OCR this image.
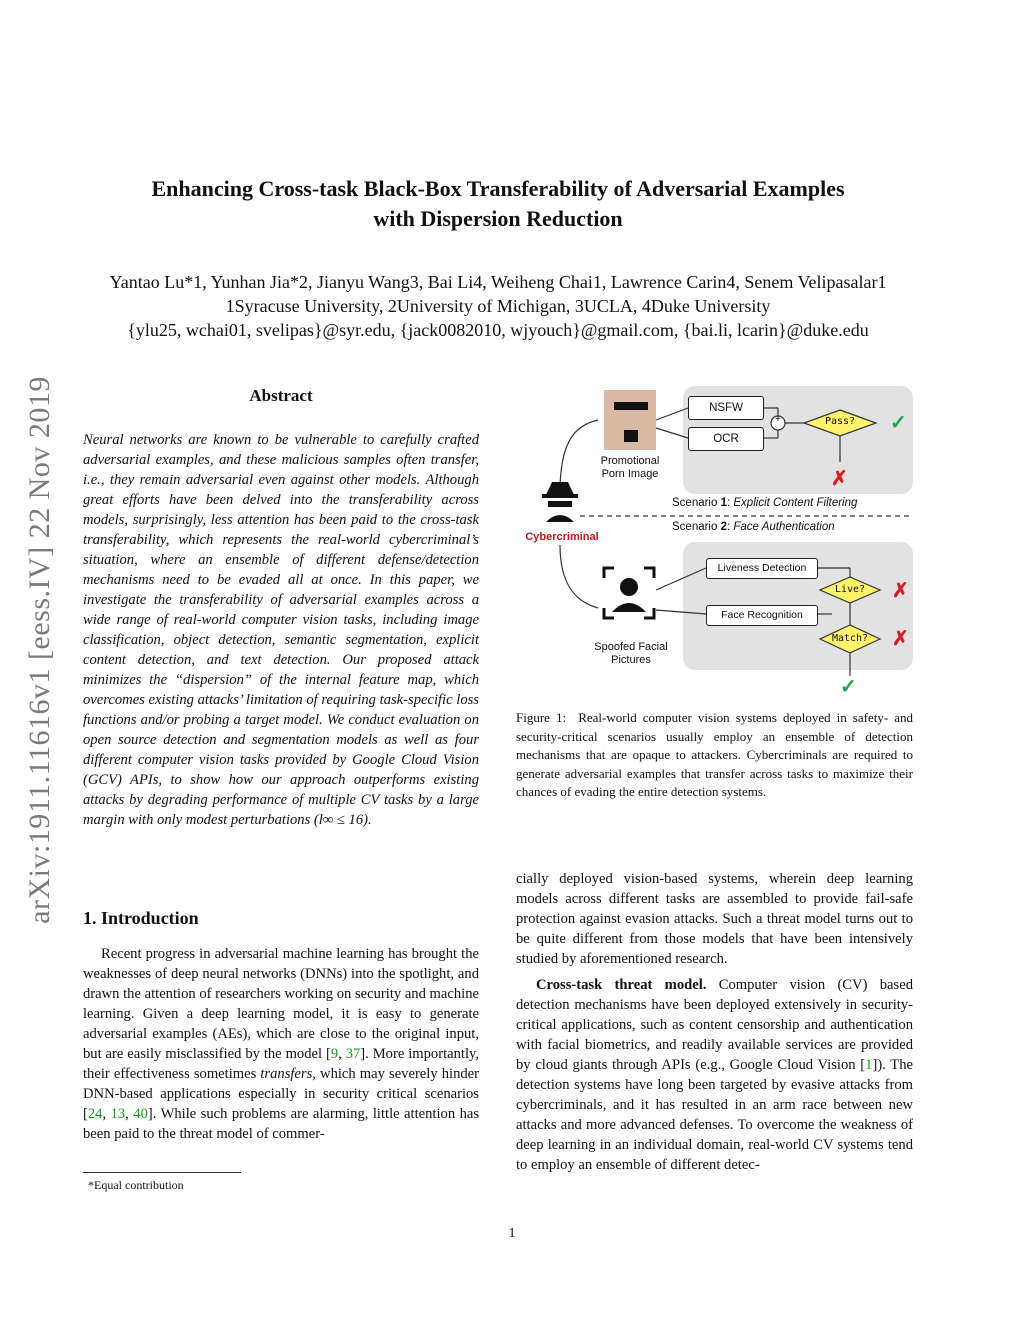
arXiv:1911.11616v1 [eess.IV] 22 Nov 2019
Enhancing Cross-task Black-Box Transferability of Adversarial Examples
with Dispersion Reduction
Yantao Lu*1, Yunhan Jia*2, Jianyu Wang3, Bai Li4, Weiheng Chai1, Lawrence Carin4, Senem Velipasalar1
1Syracuse University, 2University of Michigan, 3UCLA, 4Duke University
{ylu25, wchai01, svelipas}@syr.edu, {jack0082010, wjyouch}@gmail.com, {bai.li, lcarin}@duke.edu
Abstract
Neural networks are known to be vulnerable to carefully crafted adversarial examples, and these malicious samples often transfer, i.e., they remain adversarial even against other models. Although great efforts have been delved into the transferability across models, surprisingly, less attention has been paid to the cross-task transferability, which represents the real-world cybercriminal’s situation, where an ensemble of different defense/detection mechanisms need to be evaded all at once. In this paper, we investigate the transferability of adversarial examples across a wide range of real-world computer vision tasks, including image classification, object detection, semantic segmentation, explicit content detection, and text detection. Our proposed attack minimizes the “dispersion” of the internal feature map, which overcomes existing attacks’ limitation of requiring task-specific loss functions and/or probing a target model. We conduct evaluation on open source detection and segmentation models as well as four different computer vision tasks provided by Google Cloud Vision (GCV) APIs, to show how our approach outperforms existing attacks by degrading performance of multiple CV tasks by a large margin with only modest perturbations (l∞ ≤ 16).
1. Introduction

Recent progress in adversarial machine learning has brought the weaknesses of deep neural networks (DNNs) into the spotlight, and drawn the attention of researchers working on security and machine learning. Given a deep learning model, it is easy to generate adversarial examples (AEs), which are close to the original input, but are easily misclassified by the model [9, 37]. More importantly, their effectiveness sometimes transfers, which may severely hinder DNN-based applications especially in security critical scenarios [24, 13, 40]. While such problems are alarming, little attention has been paid to the threat model of commer-

*Equal contribution
NSFW
OCR
+	Pass?	✓
✗
Promotional
Porn Image
Scenario 1: Explicit Content Filtering
Scenario 2: Face Authentication
Cybercriminal
Liveness Detection
Live?	✗
Face Recognition
Match?	✗
✓
Spoofed Facial
Pictures
Figure 1: Real-world computer vision systems deployed in safety- and security-critical scenarios usually employ an ensemble of detection mechanisms that are opaque to attackers. Cybercriminals are required to generate adversarial examples that transfer across tasks to maximize their chances of evading the entire detection systems.

cially deployed vision-based systems, wherein deep learning models across different tasks are assembled to provide fail-safe protection against evasion attacks. Such a threat model turns out to be quite different from those models that have been intensively studied by aforementioned research.

Cross-task threat model. Computer vision (CV) based detection mechanisms have been deployed extensively in security-critical applications, such as content censorship and authentication with facial biometrics, and readily available services are provided by cloud giants through APIs (e.g., Google Cloud Vision [1]). The detection systems have long been targeted by evasive attacks from cybercriminals, and it has resulted in an arm race between new attacks and more advanced defenses. To overcome the weakness of deep learning in an individual domain, real-world CV systems tend to employ an ensemble of different detec-

1
